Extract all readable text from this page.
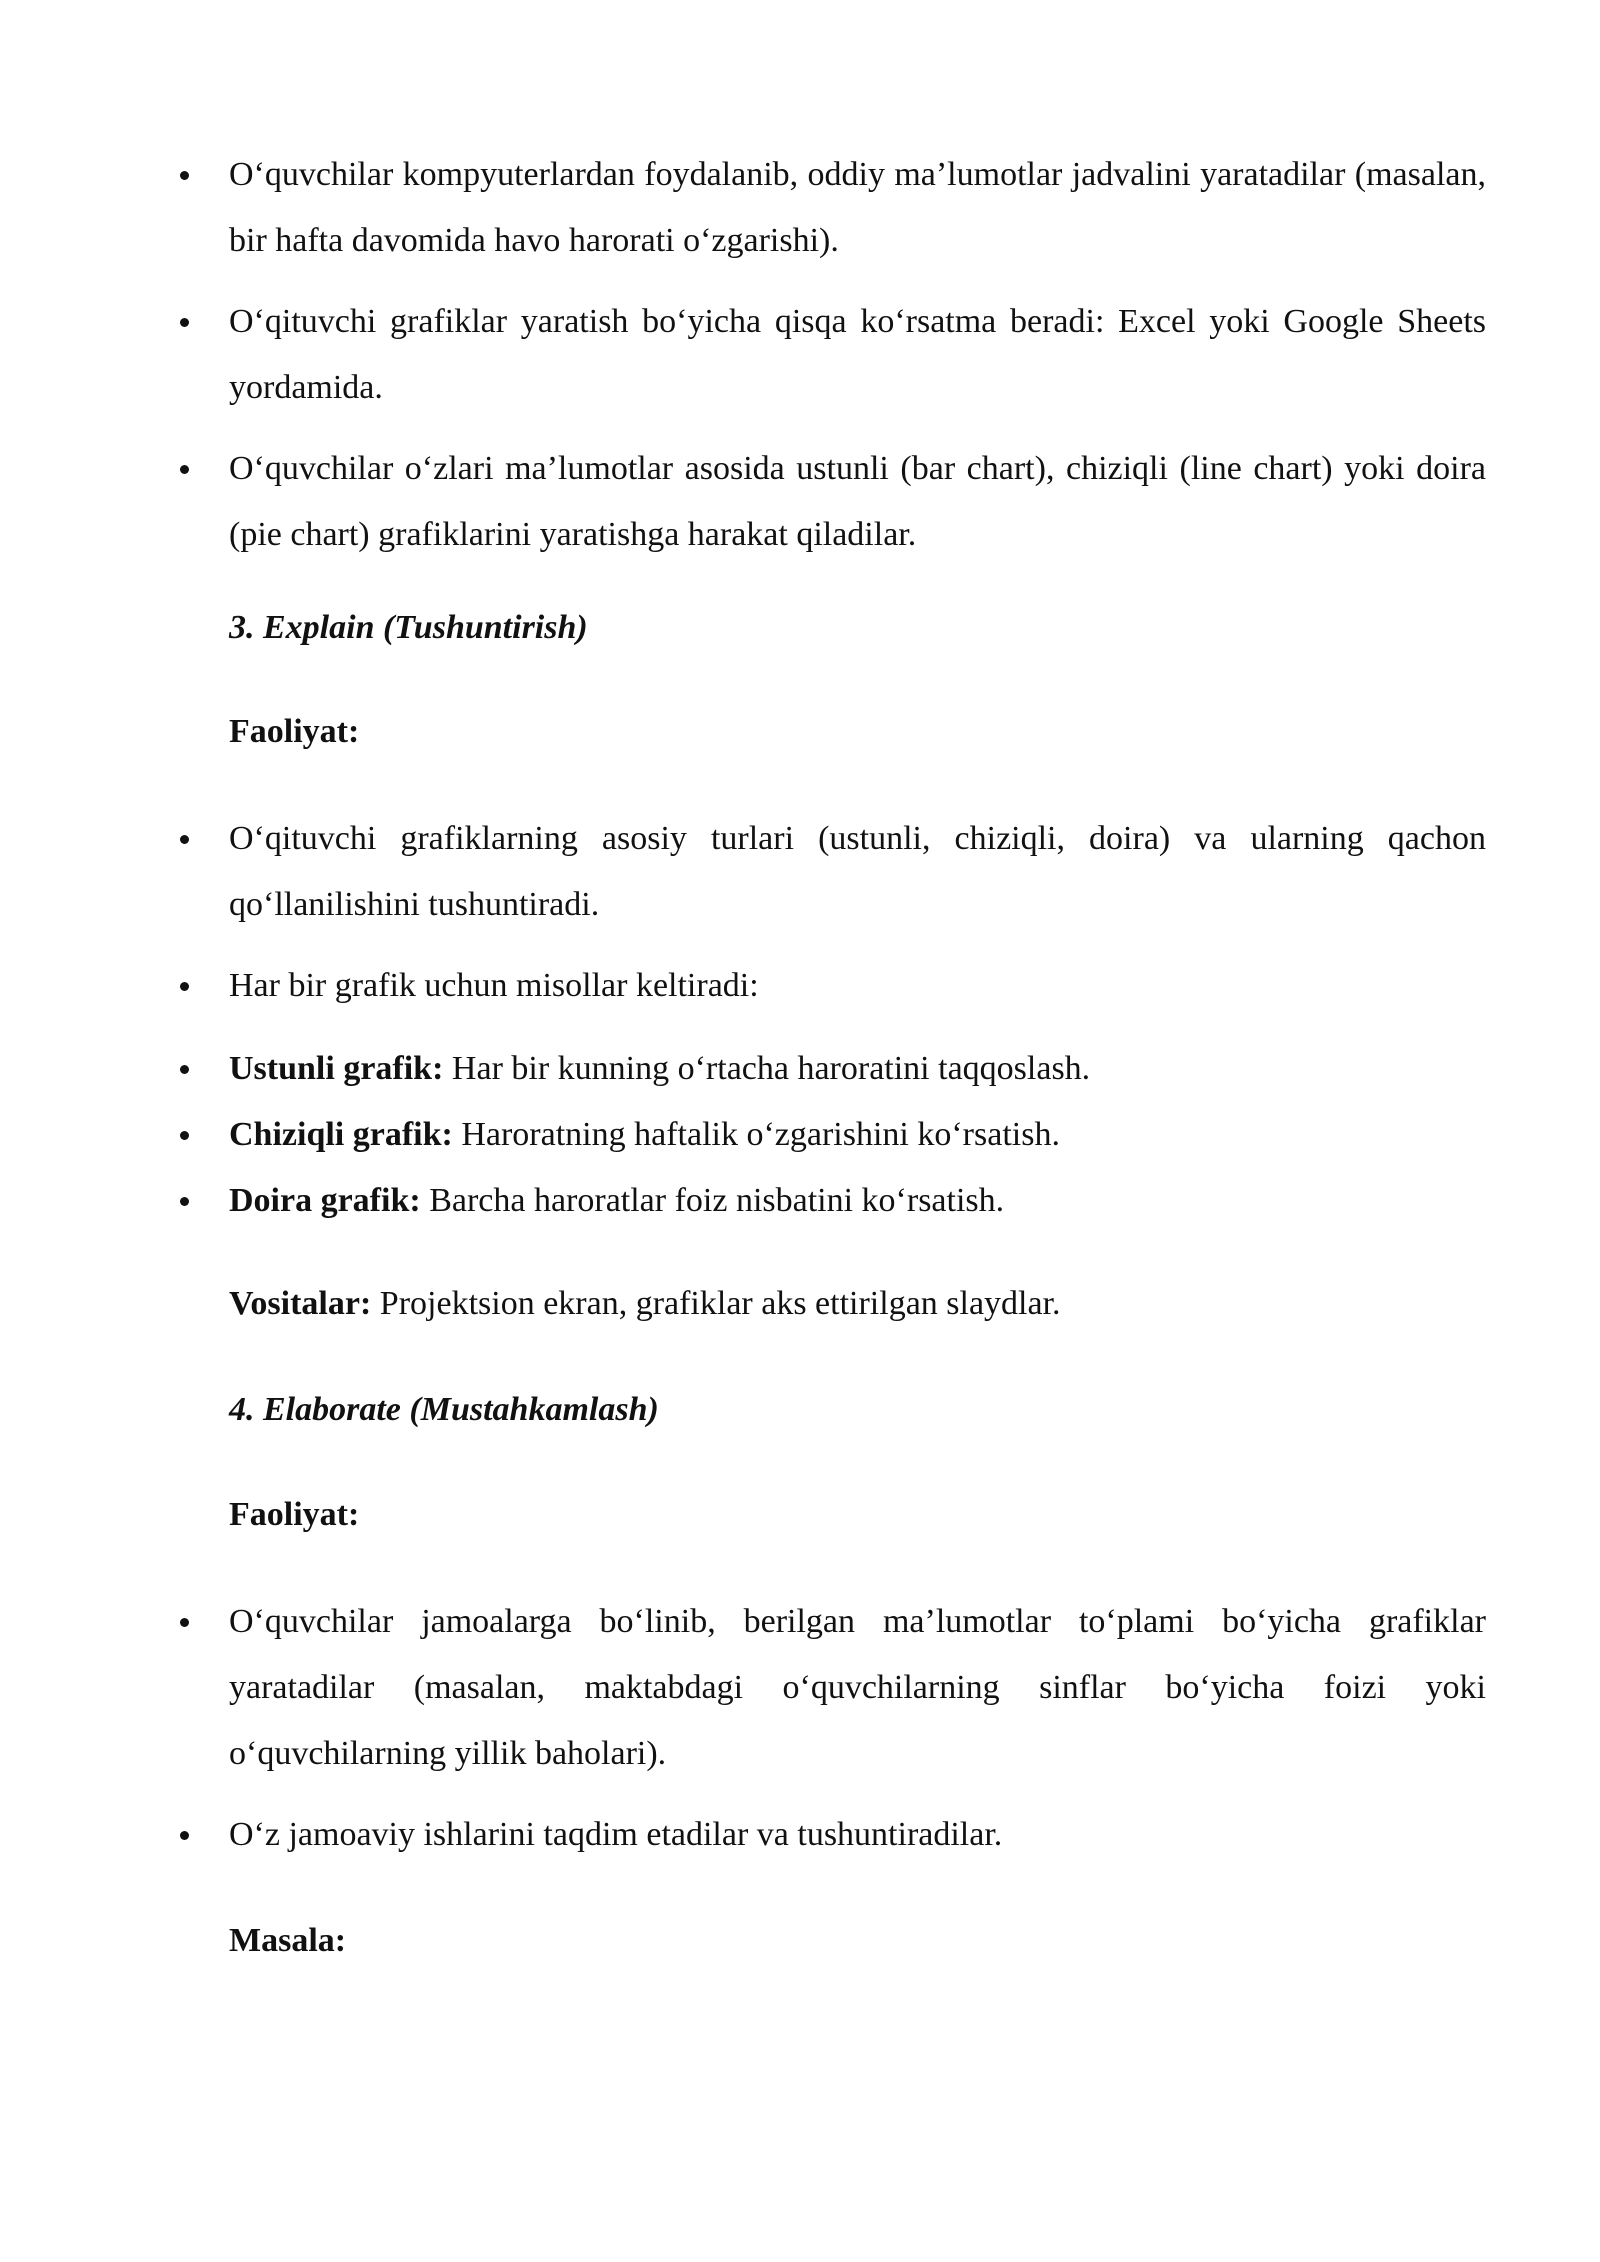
O‘quvchilar kompyuterlardan foydalanib, oddiy ma’lumotlar jadvalini yaratadilar (masalan, bir hafta davomida havo harorati o‘zgarishi).
O‘qituvchi grafiklar yaratish bo‘yicha qisqa ko‘rsatma beradi: Excel yoki Google Sheets yordamida.
O‘quvchilar o‘zlari ma’lumotlar asosida ustunli (bar chart), chiziqli (line chart) yoki doira (pie chart) grafiklarini yaratishga harakat qiladilar.
3. Explain (Tushuntirish)
Faoliyat:
O‘qituvchi grafiklarning asosiy turlari (ustunli, chiziqli, doira) va ularning qachon qo‘llanilishini tushuntiradi.
Har bir grafik uchun misollar keltiradi:
Ustunli grafik: Har bir kunning o‘rtacha haroratini taqqoslash.
Chiziqli grafik: Haroratning haftalik o‘zgarishini ko‘rsatish.
Doira grafik: Barcha haroratlar foiz nisbatini ko‘rsatish.
Vositalar: Projektsion ekran, grafiklar aks ettirilgan slaydlar.
4. Elaborate (Mustahkamlash)
Faoliyat:
O‘quvchilar jamoalarga bo‘linib, berilgan ma’lumotlar to‘plami bo‘yicha grafiklar yaratadilar (masalan, maktabdagi o‘quvchilarning sinflar bo‘yicha foizi yoki o‘quvchilarning yillik baholari).
O‘z jamoaviy ishlarini taqdim etadilar va tushuntiradilar.
Masala:
